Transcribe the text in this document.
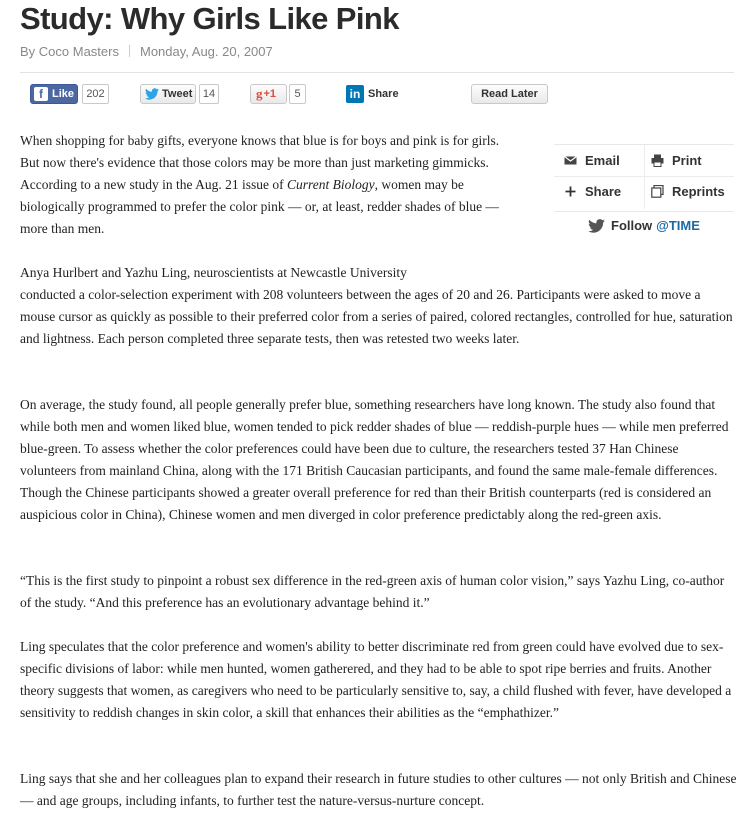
Study: Why Girls Like Pink
By Coco Masters Monday, Aug. 20, 2007
f Like	202	Tweet 14	g +1	5	in Share	Read Later
Email	Print
Share	Reprints
Follow @TIME

When shopping for baby gifts, everyone knows that blue is for boys and pink is for girls. But now there's evidence that those colors may be more than just marketing gimmicks. According to a new study in the Aug. 21 issue of Current Biology, women may be biologically programmed to prefer the color pink — or, at least, redder shades of blue — more than men.

Anya Hurlbert and Yazhu Ling, neuroscientists at Newcastle University

conducted a color-selection experiment with 208 volunteers between the ages of 20 and 26. Participants were asked to move a mouse cursor as quickly as possible to their preferred color from a series of paired, colored rectangles, controlled for hue, saturation and lightness. Each person completed three separate tests, then was retested two weeks later.

On average, the study found, all people generally prefer blue, something researchers have long known. The study also found that while both men and women liked blue, women tended to pick redder shades of blue — reddish-purple hues — while men preferred blue-green. To assess whether the color preferences could have been due to culture, the researchers tested 37 Han Chinese volunteers from mainland China, along with the 171 British Caucasian participants, and found the same male-female differences. Though the Chinese participants showed a greater overall preference for red than their British counterparts (red is considered an auspicious color in China), Chinese women and men diverged in color preference predictably along the red-green axis.

“This is the first study to pinpoint a robust sex difference in the red-green axis of human color vision,” says Yazhu Ling, co-author of the study. “And this preference has an evolutionary advantage behind it.”

Ling speculates that the color preference and women's ability to better discriminate red from green could have evolved due to sex-specific divisions of labor: while men hunted, women gatherered, and they had to be able to spot ripe berries and fruits. Another theory suggests that women, as caregivers who need to be particularly sensitive to, say, a child flushed with fever, have developed a sensitivity to reddish changes in skin color, a skill that enhances their abilities as the “emphathizer.”

Ling says that she and her colleagues plan to expand their research in future studies to other cultures — not only British and Chinese — and age groups, including infants, to further test the nature-versus-nurture concept.
